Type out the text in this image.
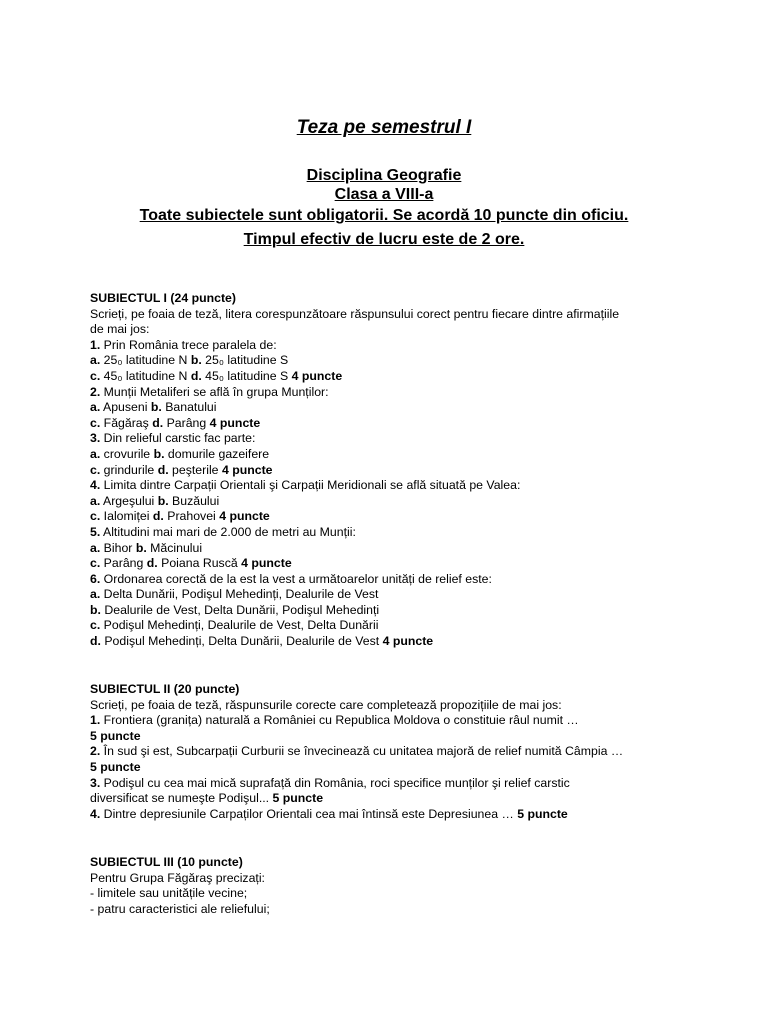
Teza pe semestrul I
Disciplina Geografie
Clasa a VIII-a
Toate subiectele sunt obligatorii. Se acordă 10 puncte din oficiu.
Timpul efectiv de lucru este de 2 ore.
SUBIECTUL I (24 puncte)
Scrieți, pe foaia de teză, litera corespunzătoare răspunsului corect pentru fiecare dintre afirmațiile
de mai jos:
1. Prin România trece paralela de:
a. 25₀ latitudine N b. 25₀ latitudine S
c. 45₀ latitudine N d. 45₀ latitudine S 4 puncte
2. Munții Metaliferi se află în grupa Munților:
a. Apuseni b. Banatului
c. Făgăraş d. Parâng 4 puncte
3. Din relieful carstic fac parte:
a. crovurile b. domurile gazeifere
c. grindurile d. peşterile 4 puncte
4. Limita dintre Carpații Orientali şi Carpații Meridionali se află situată pe Valea:
a. Argeşului b. Buzăului
c. Ialomiței d. Prahovei 4 puncte
5. Altitudini mai mari de 2.000 de metri au Munții:
a. Bihor b. Măcinului
c. Parâng d. Poiana Ruscă 4 puncte
6. Ordonarea corectă de la est la vest a următoarelor unități de relief este:
a. Delta Dunării, Podişul Mehedinți, Dealurile de Vest
b. Dealurile de Vest, Delta Dunării, Podişul Mehedinți
c. Podişul Mehedinți, Dealurile de Vest, Delta Dunării
d. Podişul Mehedinți, Delta Dunării, Dealurile de Vest 4 puncte
SUBIECTUL II (20 puncte)
Scrieți, pe foaia de teză, răspunsurile corecte care completează propozițiile de mai jos:
1. Frontiera (granița) naturală a României cu Republica Moldova o constituie râul numit …
5 puncte
2. În sud şi est, Subcarpații Curburii se învecinează cu unitatea majoră de relief numită Câmpia …
5 puncte
3. Podişul cu cea mai mică suprafață din România, roci specifice munților şi relief carstic
diversificat se numeşte Podişul... 5 puncte
4. Dintre depresiunile Carpaților Orientali cea mai întinsă este Depresiunea … 5 puncte
SUBIECTUL III (10 puncte)
Pentru Grupa Făgăraş precizați:
- limitele sau unitățile vecine;
- patru caracteristici ale reliefului;
